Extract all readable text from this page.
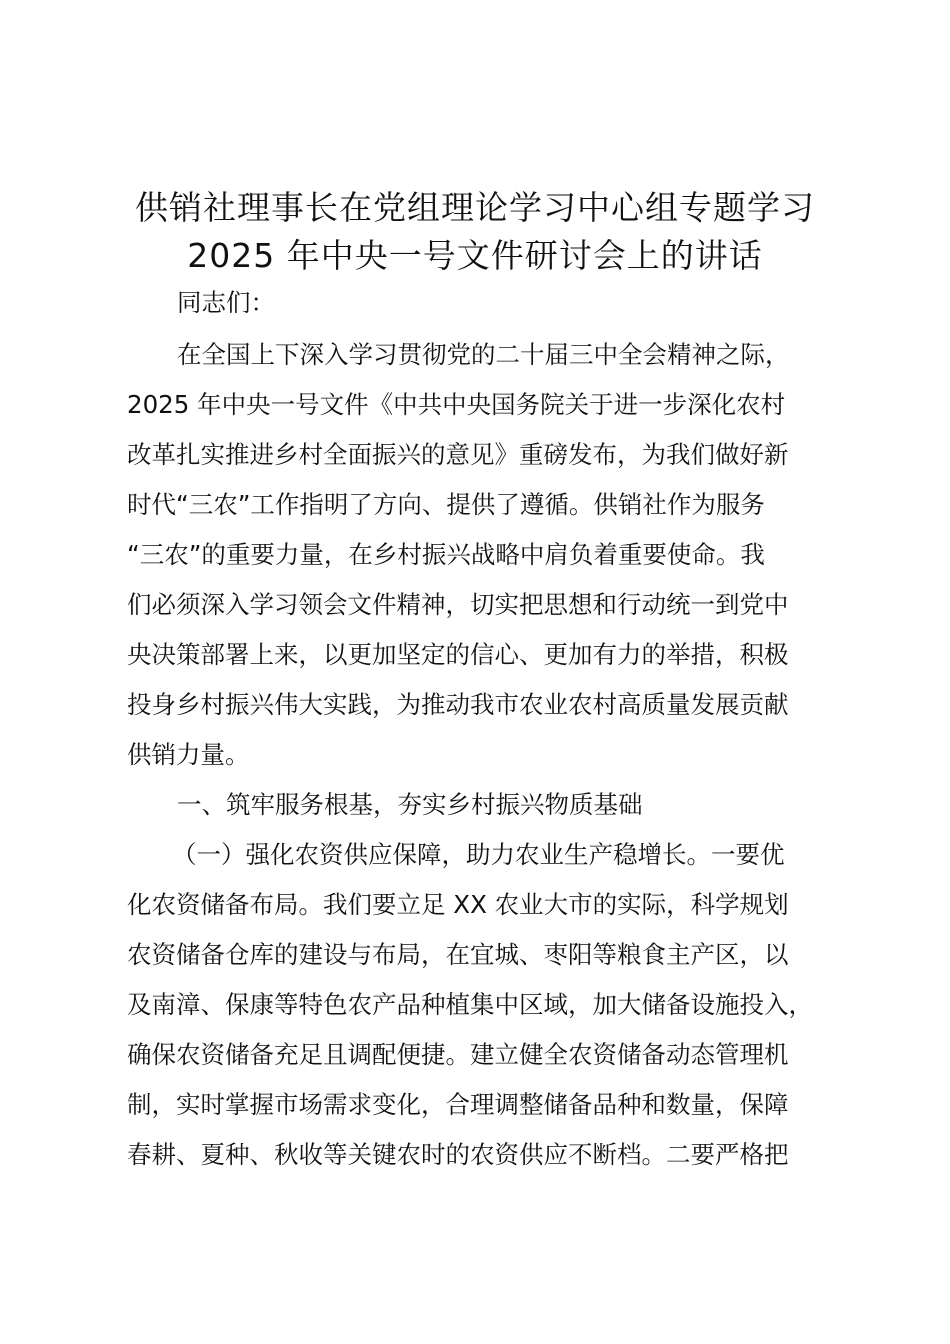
供销社理事长在党组理论学习中心组专题学习
2025 年中央一号文件研讨会上的讲话

同志们：

在全国上下深入学习贯彻党的二十届三中全会精神之际，

2025 年中央一号文件《中共中央国务院关于进一步深化农村

改革扎实推进乡村全面振兴的意见》重磅发布，为我们做好新

时代“三农”工作指明了方向、提供了遵循。供销社作为服务

“三农”的重要力量，在乡村振兴战略中肩负着重要使命。我

们必须深入学习领会文件精神，切实把思想和行动统一到党中

央决策部署上来，以更加坚定的信心、更加有力的举措，积极

投身乡村振兴伟大实践，为推动我市农业农村高质量发展贡献

供销力量。

一、筑牢服务根基，夯实乡村振兴物质基础

（一）强化农资供应保障，助力农业生产稳增长。一要优

化农资储备布局。我们要立足 XX 农业大市的实际，科学规划

农资储备仓库的建设与布局，在宜城、枣阳等粮食主产区，以

及南漳、保康等特色农产品种植集中区域，加大储备设施投入，

确保农资储备充足且调配便捷。建立健全农资储备动态管理机

制，实时掌握市场需求变化，合理调整储备品种和数量，保障

春耕、夏种、秋收等关键农时的农资供应不断档。二要严格把
